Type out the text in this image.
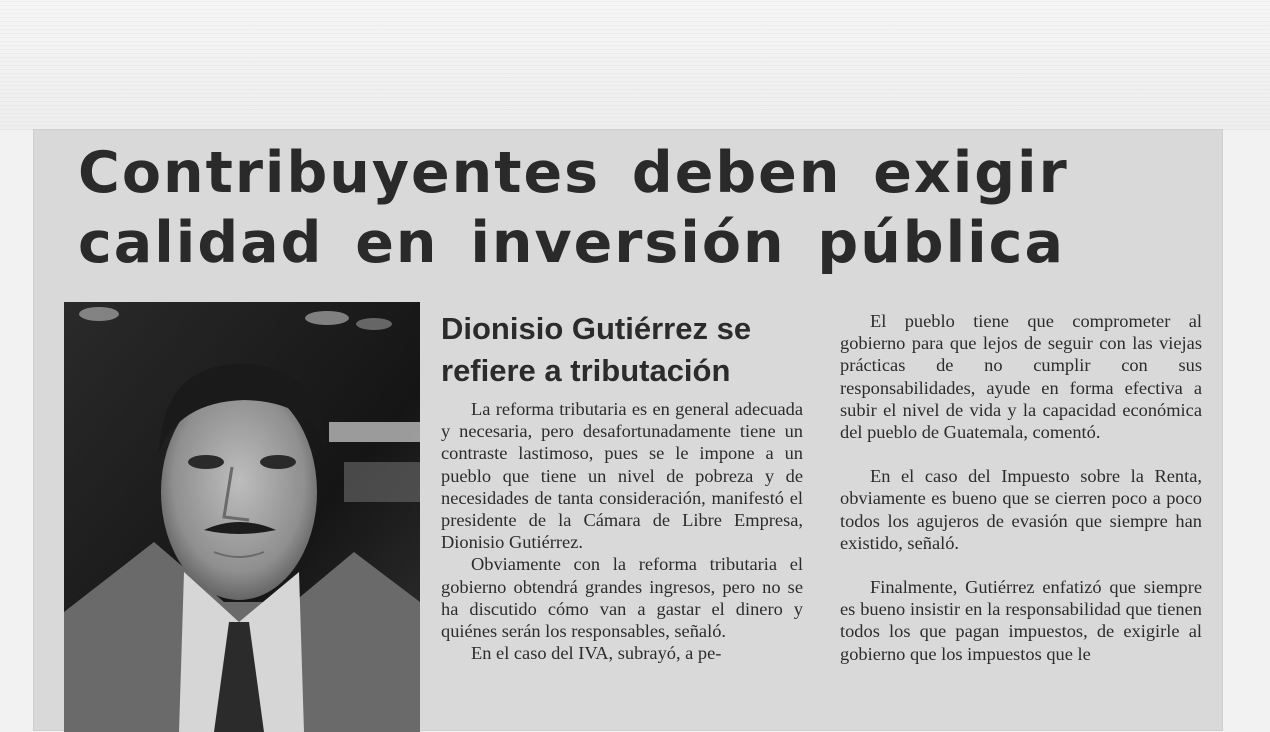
Contribuyentes deben exigir
calidad en inversión pública
Dionisio Gutiérrez se
refiere a tributación

La reforma tributaria es en general adecuada y necesaria, pero desafortunadamente tiene un contraste lastimoso, pues se le impone a un pueblo que tiene un nivel de pobreza y de necesidades de tanta consideración, manifestó el presidente de la Cámara de Libre Empresa, Dionisio Gutiérrez.

Obviamente con la reforma tributaria el gobierno obtendrá grandes ingresos, pero no se ha discutido cómo van a gastar el dinero y quiénes serán los responsables, señaló.

En el caso del IVA, subrayó, a pe-

El pueblo tiene que comprometer al gobierno para que lejos de seguir con las viejas prácticas de no cumplir con sus responsabilidades, ayude en forma efectiva a subir el nivel de vida y la capacidad económica del pueblo de Guatemala, comentó.

En el caso del Impuesto sobre la Renta, obviamente es bueno que se cierren poco a poco todos los agujeros de evasión que siempre han existido, señaló.

Finalmente, Gutiérrez enfatizó que siempre es bueno insistir en la responsabilidad que tienen todos los que pagan impuestos, de exigirle al gobierno que los impuestos que le
